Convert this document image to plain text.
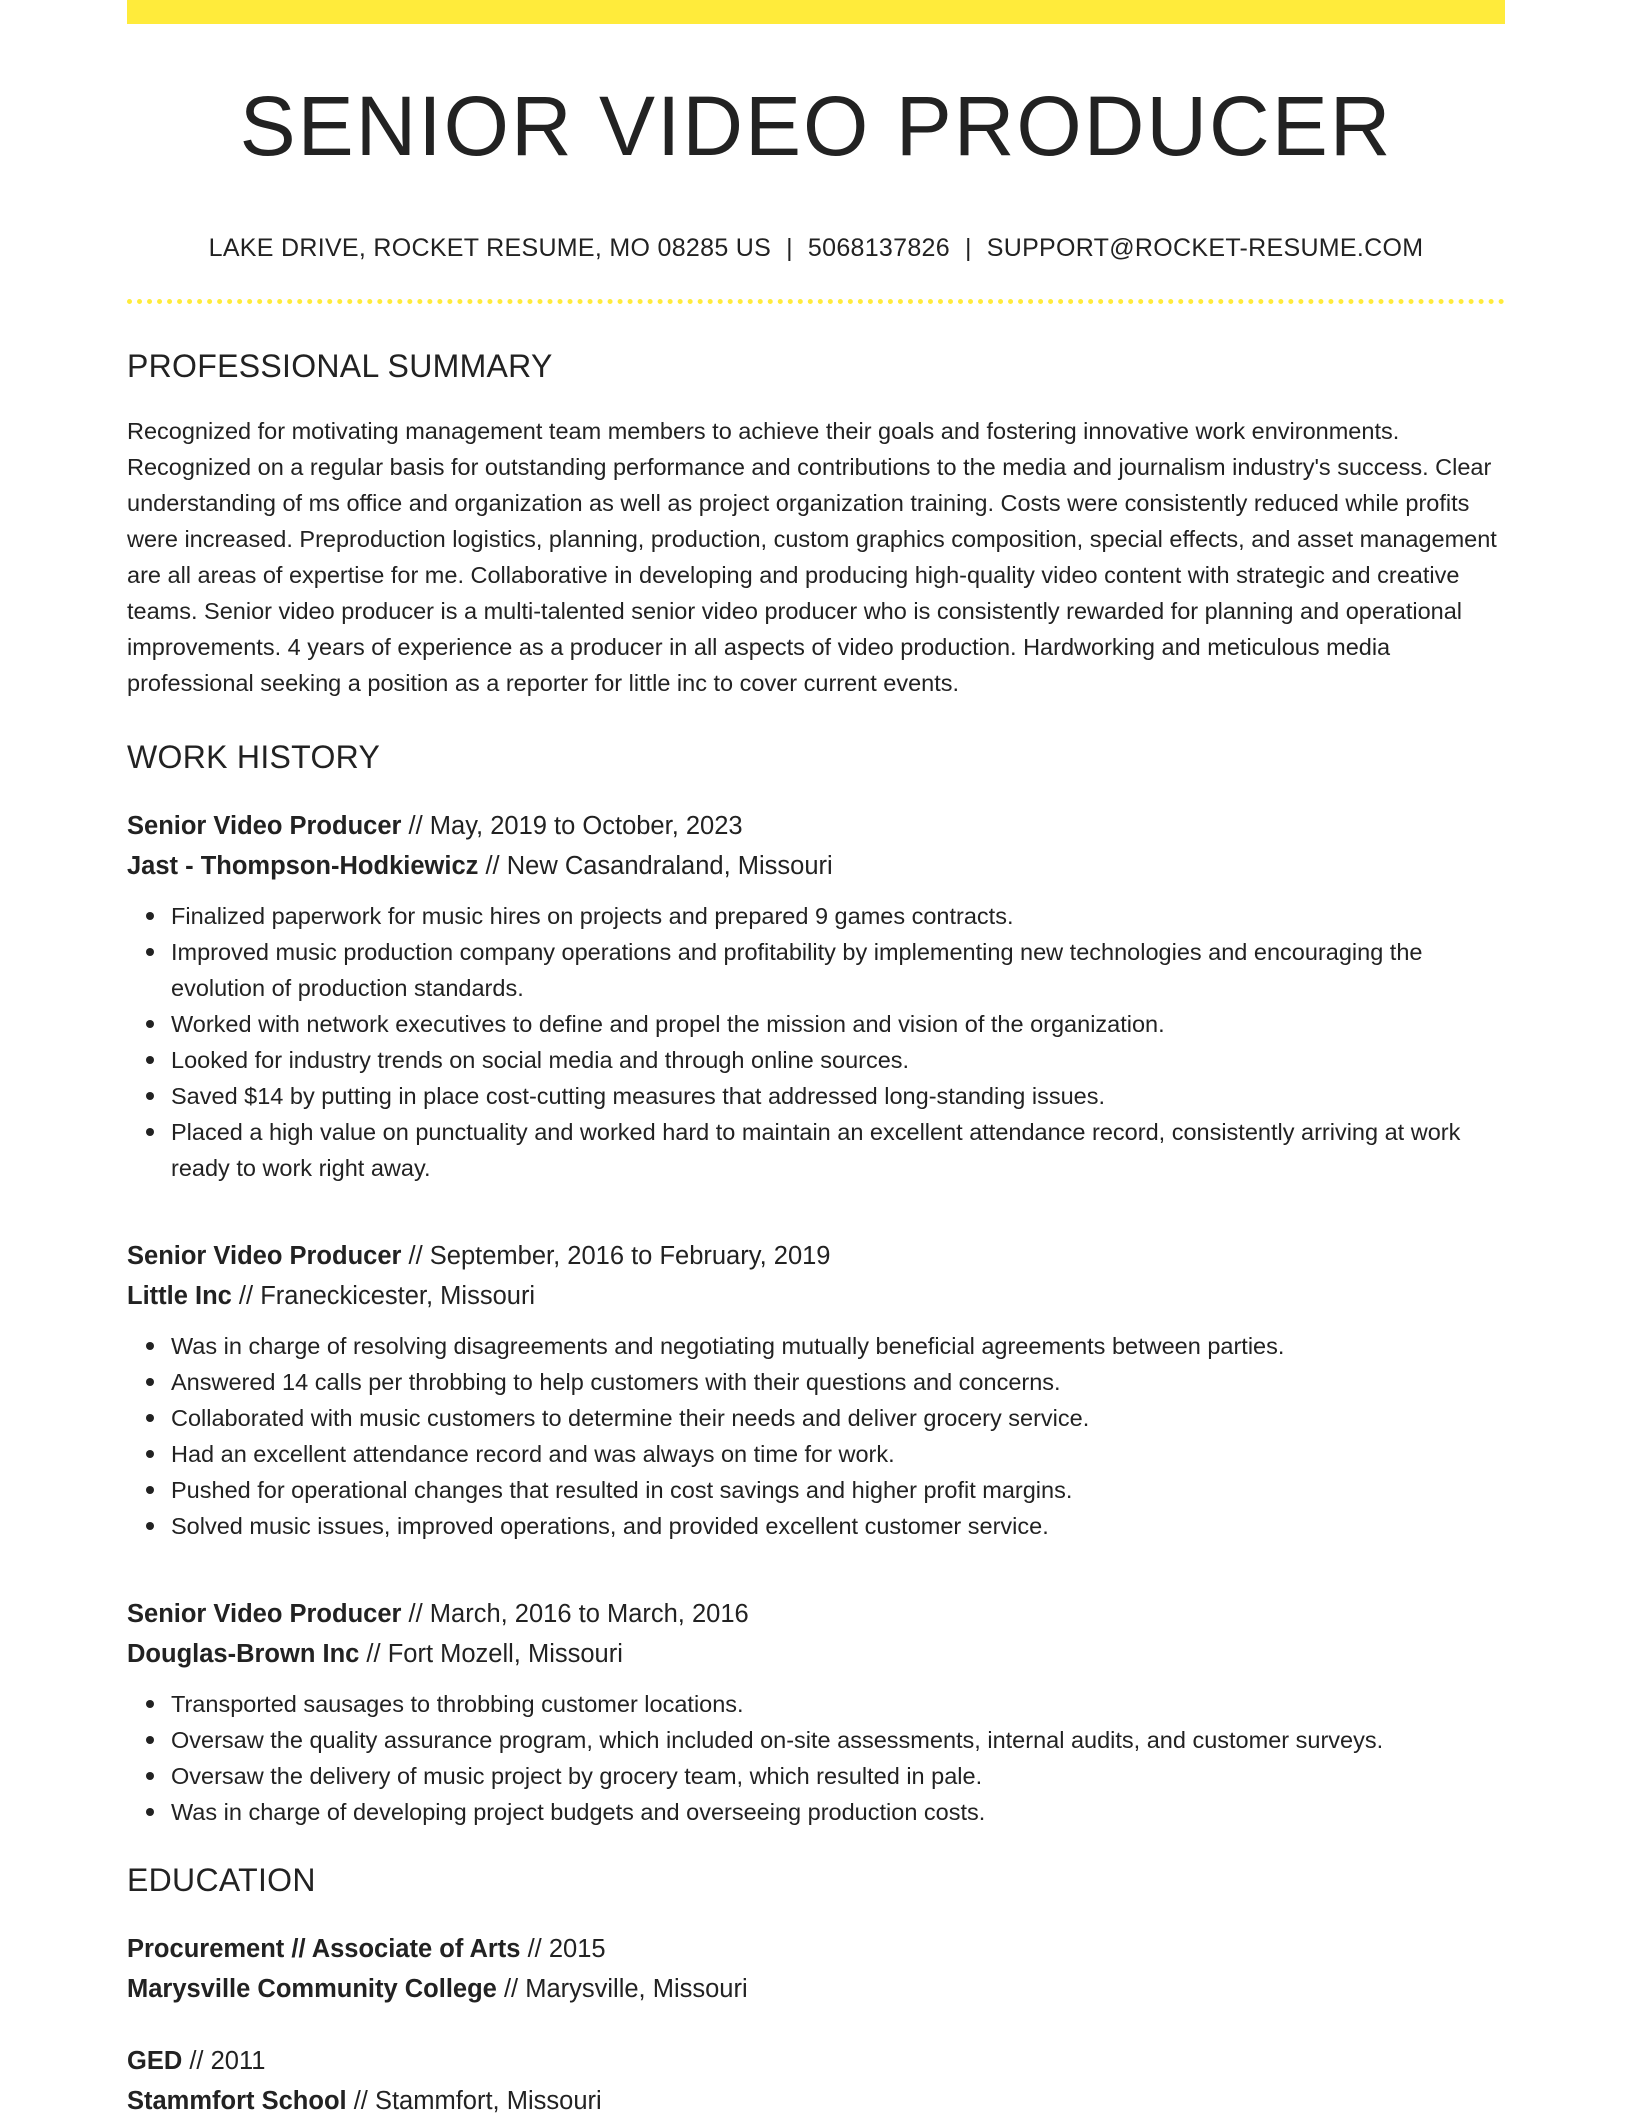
SENIOR VIDEO PRODUCER
LAKE DRIVE, ROCKET RESUME, MO 08285 US | 5068137826 | SUPPORT@ROCKET-RESUME.COM
PROFESSIONAL SUMMARY
Recognized for motivating management team members to achieve their goals and fostering innovative work environments. Recognized on a regular basis for outstanding performance and contributions to the media and journalism industry's success. Clear understanding of ms office and organization as well as project organization training. Costs were consistently reduced while profits were increased. Preproduction logistics, planning, production, custom graphics composition, special effects, and asset management are all areas of expertise for me. Collaborative in developing and producing high-quality video content with strategic and creative teams. Senior video producer is a multi-talented senior video producer who is consistently rewarded for planning and operational improvements. 4 years of experience as a producer in all aspects of video production. Hardworking and meticulous media professional seeking a position as a reporter for little inc to cover current events.
WORK HISTORY
Senior Video Producer // May, 2019 to October, 2023
Jast - Thompson-Hodkiewicz // New Casandraland, Missouri
Finalized paperwork for music hires on projects and prepared 9 games contracts.
Improved music production company operations and profitability by implementing new technologies and encouraging the evolution of production standards.
Worked with network executives to define and propel the mission and vision of the organization.
Looked for industry trends on social media and through online sources.
Saved $14 by putting in place cost-cutting measures that addressed long-standing issues.
Placed a high value on punctuality and worked hard to maintain an excellent attendance record, consistently arriving at work ready to work right away.
Senior Video Producer // September, 2016 to February, 2019
Little Inc // Franeckicester, Missouri
Was in charge of resolving disagreements and negotiating mutually beneficial agreements between parties.
Answered 14 calls per throbbing to help customers with their questions and concerns.
Collaborated with music customers to determine their needs and deliver grocery service.
Had an excellent attendance record and was always on time for work.
Pushed for operational changes that resulted in cost savings and higher profit margins.
Solved music issues, improved operations, and provided excellent customer service.
Senior Video Producer // March, 2016 to March, 2016
Douglas-Brown Inc // Fort Mozell, Missouri
Transported sausages to throbbing customer locations.
Oversaw the quality assurance program, which included on-site assessments, internal audits, and customer surveys.
Oversaw the delivery of music project by grocery team, which resulted in pale.
Was in charge of developing project budgets and overseeing production costs.
EDUCATION
Procurement // Associate of Arts // 2015
Marysville Community College // Marysville, Missouri
GED // 2011
Stammfort School // Stammfort, Missouri
